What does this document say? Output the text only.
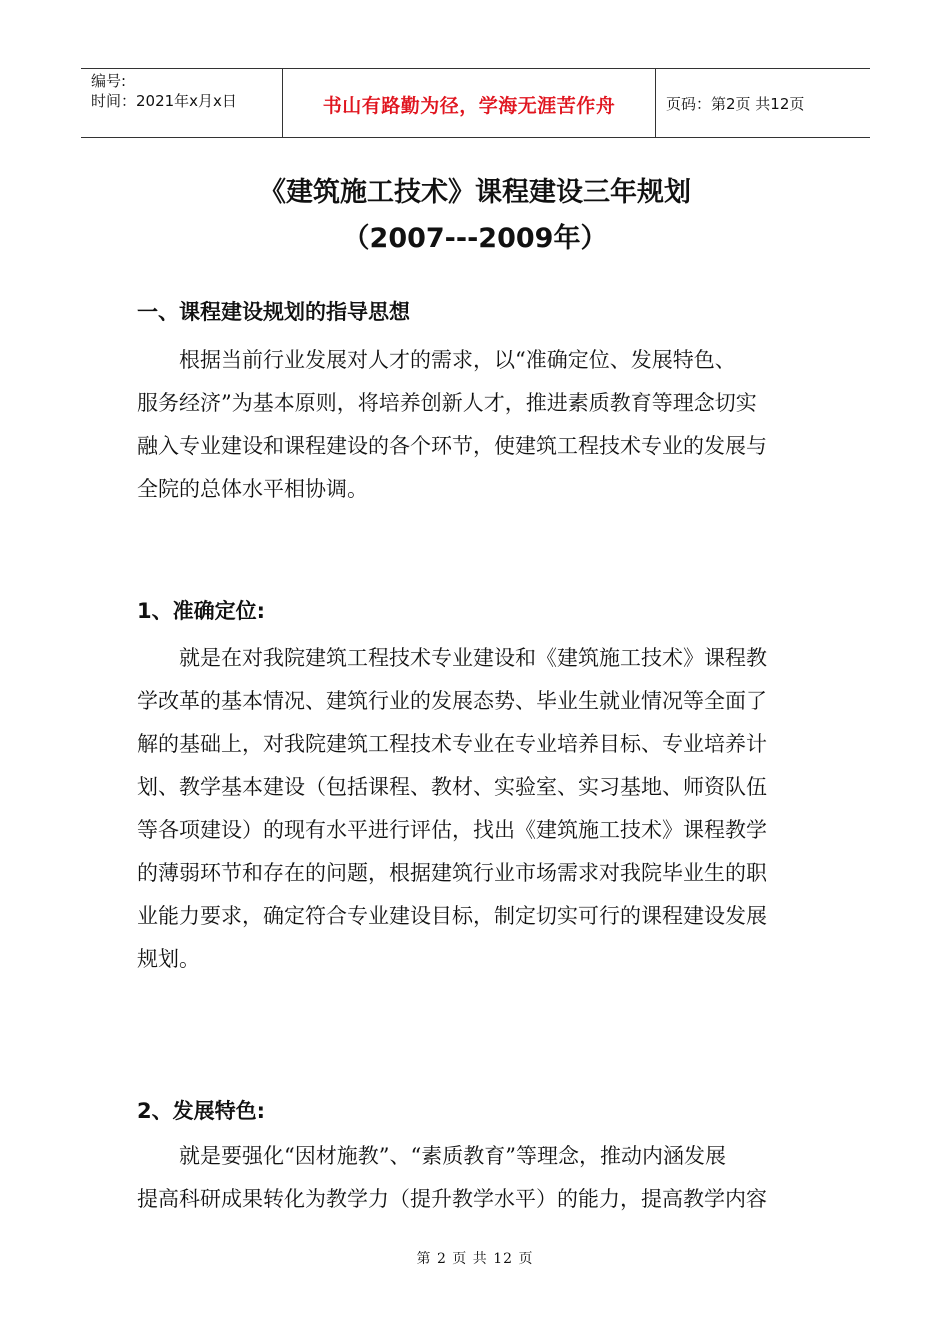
编号:
时间：2021年x月x日	书山有路勤为径，学海无涯苦作舟	页码：第2页 共12页
《建筑施工技术》课程建设三年规划
（2007---2009年）
一、课程建设规划的指导思想
根据当前行业发展对人才的需求，以“准确定位、发展特色、
服务经济”为基本原则，将培养创新人才，推进素质教育等理念切实
融入专业建设和课程建设的各个环节，使建筑工程技术专业的发展与
全院的总体水平相协调。
1、准确定位:
就是在对我院建筑工程技术专业建设和《建筑施工技术》课程教
学改革的基本情况、建筑行业的发展态势、毕业生就业情况等全面了
解的基础上，对我院建筑工程技术专业在专业培养目标、专业培养计
划、教学基本建设（包括课程、教材、实验室、实习基地、师资队伍
等各项建设）的现有水平进行评估，找出《建筑施工技术》课程教学
的薄弱环节和存在的问题，根据建筑行业市场需求对我院毕业生的职
业能力要求，确定符合专业建设目标，制定切实可行的课程建设发展
规划。
2、发展特色:
就是要强化“因材施教”、“素质教育”等理念，推动内涵发展
提高科研成果转化为教学力（提升教学水平）的能力，提高教学内容
第 2 页 共 12 页
